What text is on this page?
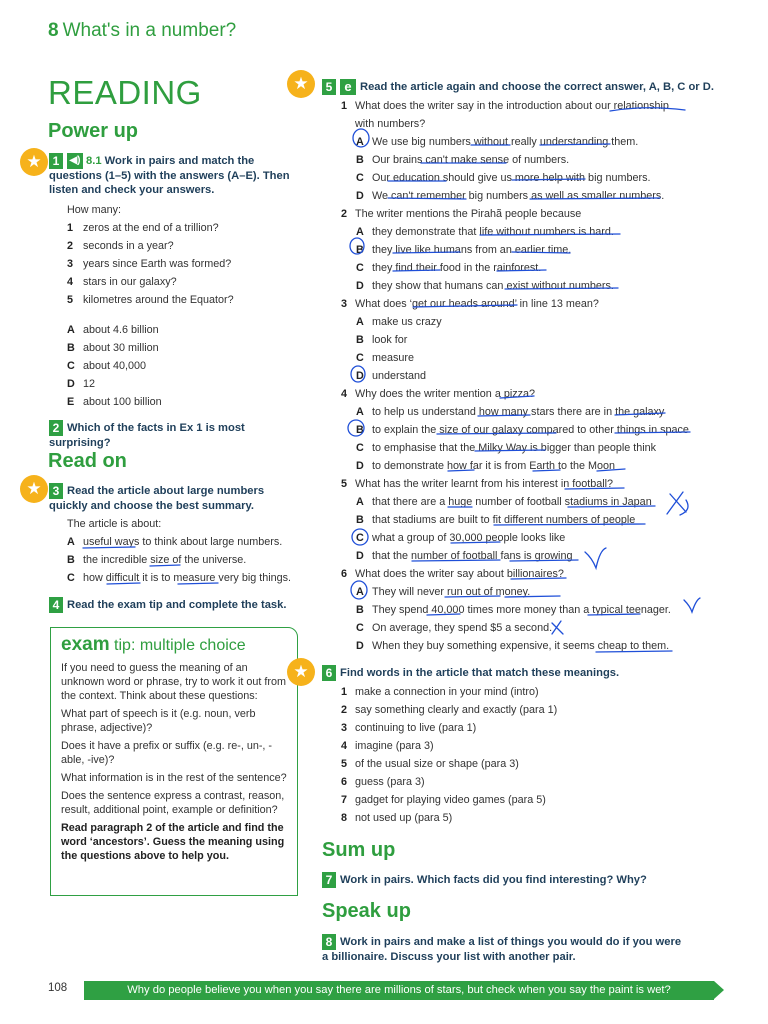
8 What's in a number?
READING
Power up
★ 1 ◀) 8.1 Work in pairs and match the questions (1–5) with the answers (A–E). Then listen and check your answers.
How many:
1 zeros at the end of a trillion?
2 seconds in a year?
3 years since Earth was formed?
4 stars in our galaxy?
5 kilometres around the Equator?
A about 4.6 billion
B about 30 million
C about 40,000
D 12
E about 100 billion
2 Which of the facts in Ex 1 is most surprising?
Read on
★ 3 Read the article about large numbers quickly and choose the best summary.
The article is about:
A useful ways to think about large numbers.
B the incredible size of the universe.
C how difficult it is to measure very big things.
4 Read the exam tip and complete the task.
exam tip: multiple choice

If you need to guess the meaning of an unknown word or phrase, try to work it out from the context. Think about these questions:

What part of speech is it (e.g. noun, verb phrase, adjective)?

Does it have a prefix or suffix (e.g. re-, un-, -able, -ive)?

What information is in the rest of the sentence?

Does the sentence express a contrast, reason, result, additional point, example or definition?

Read paragraph 2 of the article and find the word ‘ancestors’. Guess the meaning using the questions above to help you.

★	5 e Read the article again and choose the correct answer, A, B, C or D.
1 What does the writer say in the introduction about our relationship with numbers?
A We use big numbers without really understanding them.
B Our brains can't make sense of numbers.
C Our education should give us more help with big numbers.
D We can't remember big numbers as well as smaller numbers.
2 The writer mentions the Pirahã people because
A they demonstrate that life without numbers is hard.
B they live like humans from an earlier time.
C they find their food in the rainforest.
D they show that humans can exist without numbers.
3 What does ‘get our heads around’ in line 13 mean?
A make us crazy
B look for
C measure
D understand
4 Why does the writer mention a pizza?
A to help us understand how many stars there are in the galaxy
B to explain the size of our galaxy compared to other things in space
C to emphasise that the Milky Way is bigger than people think
D to demonstrate how far it is from Earth to the Moon
5 What has the writer learnt from his interest in football?
A that there are a huge number of football stadiums in Japan
B that stadiums are built to fit different numbers of people
C what a group of 30,000 people looks like
D that the number of football fans is growing
6 What does the writer say about billionaires?
A They will never run out of money.
B They spend 40,000 times more money than a typical teenager.
C On average, they spend $5 a second.
D When they buy something expensive, it seems cheap to them.
★	6 Find words in the article that match these meanings.
1 make a connection in your mind (intro)
2 say something clearly and exactly (para 1)
3 continuing to live (para 1)
4 imagine (para 3)
5 of the usual size or shape (para 3)
6 guess (para 3)
7 gadget for playing video games (para 5)
8 not used up (para 5)
Sum up
7 Work in pairs. Which facts did you find interesting? Why?
Speak up
8 Work in pairs and make a list of things you would do if you were a billionaire. Discuss your list with another pair.
108	Why do people believe you when you say there are millions of stars, but check when you say the paint is wet?
